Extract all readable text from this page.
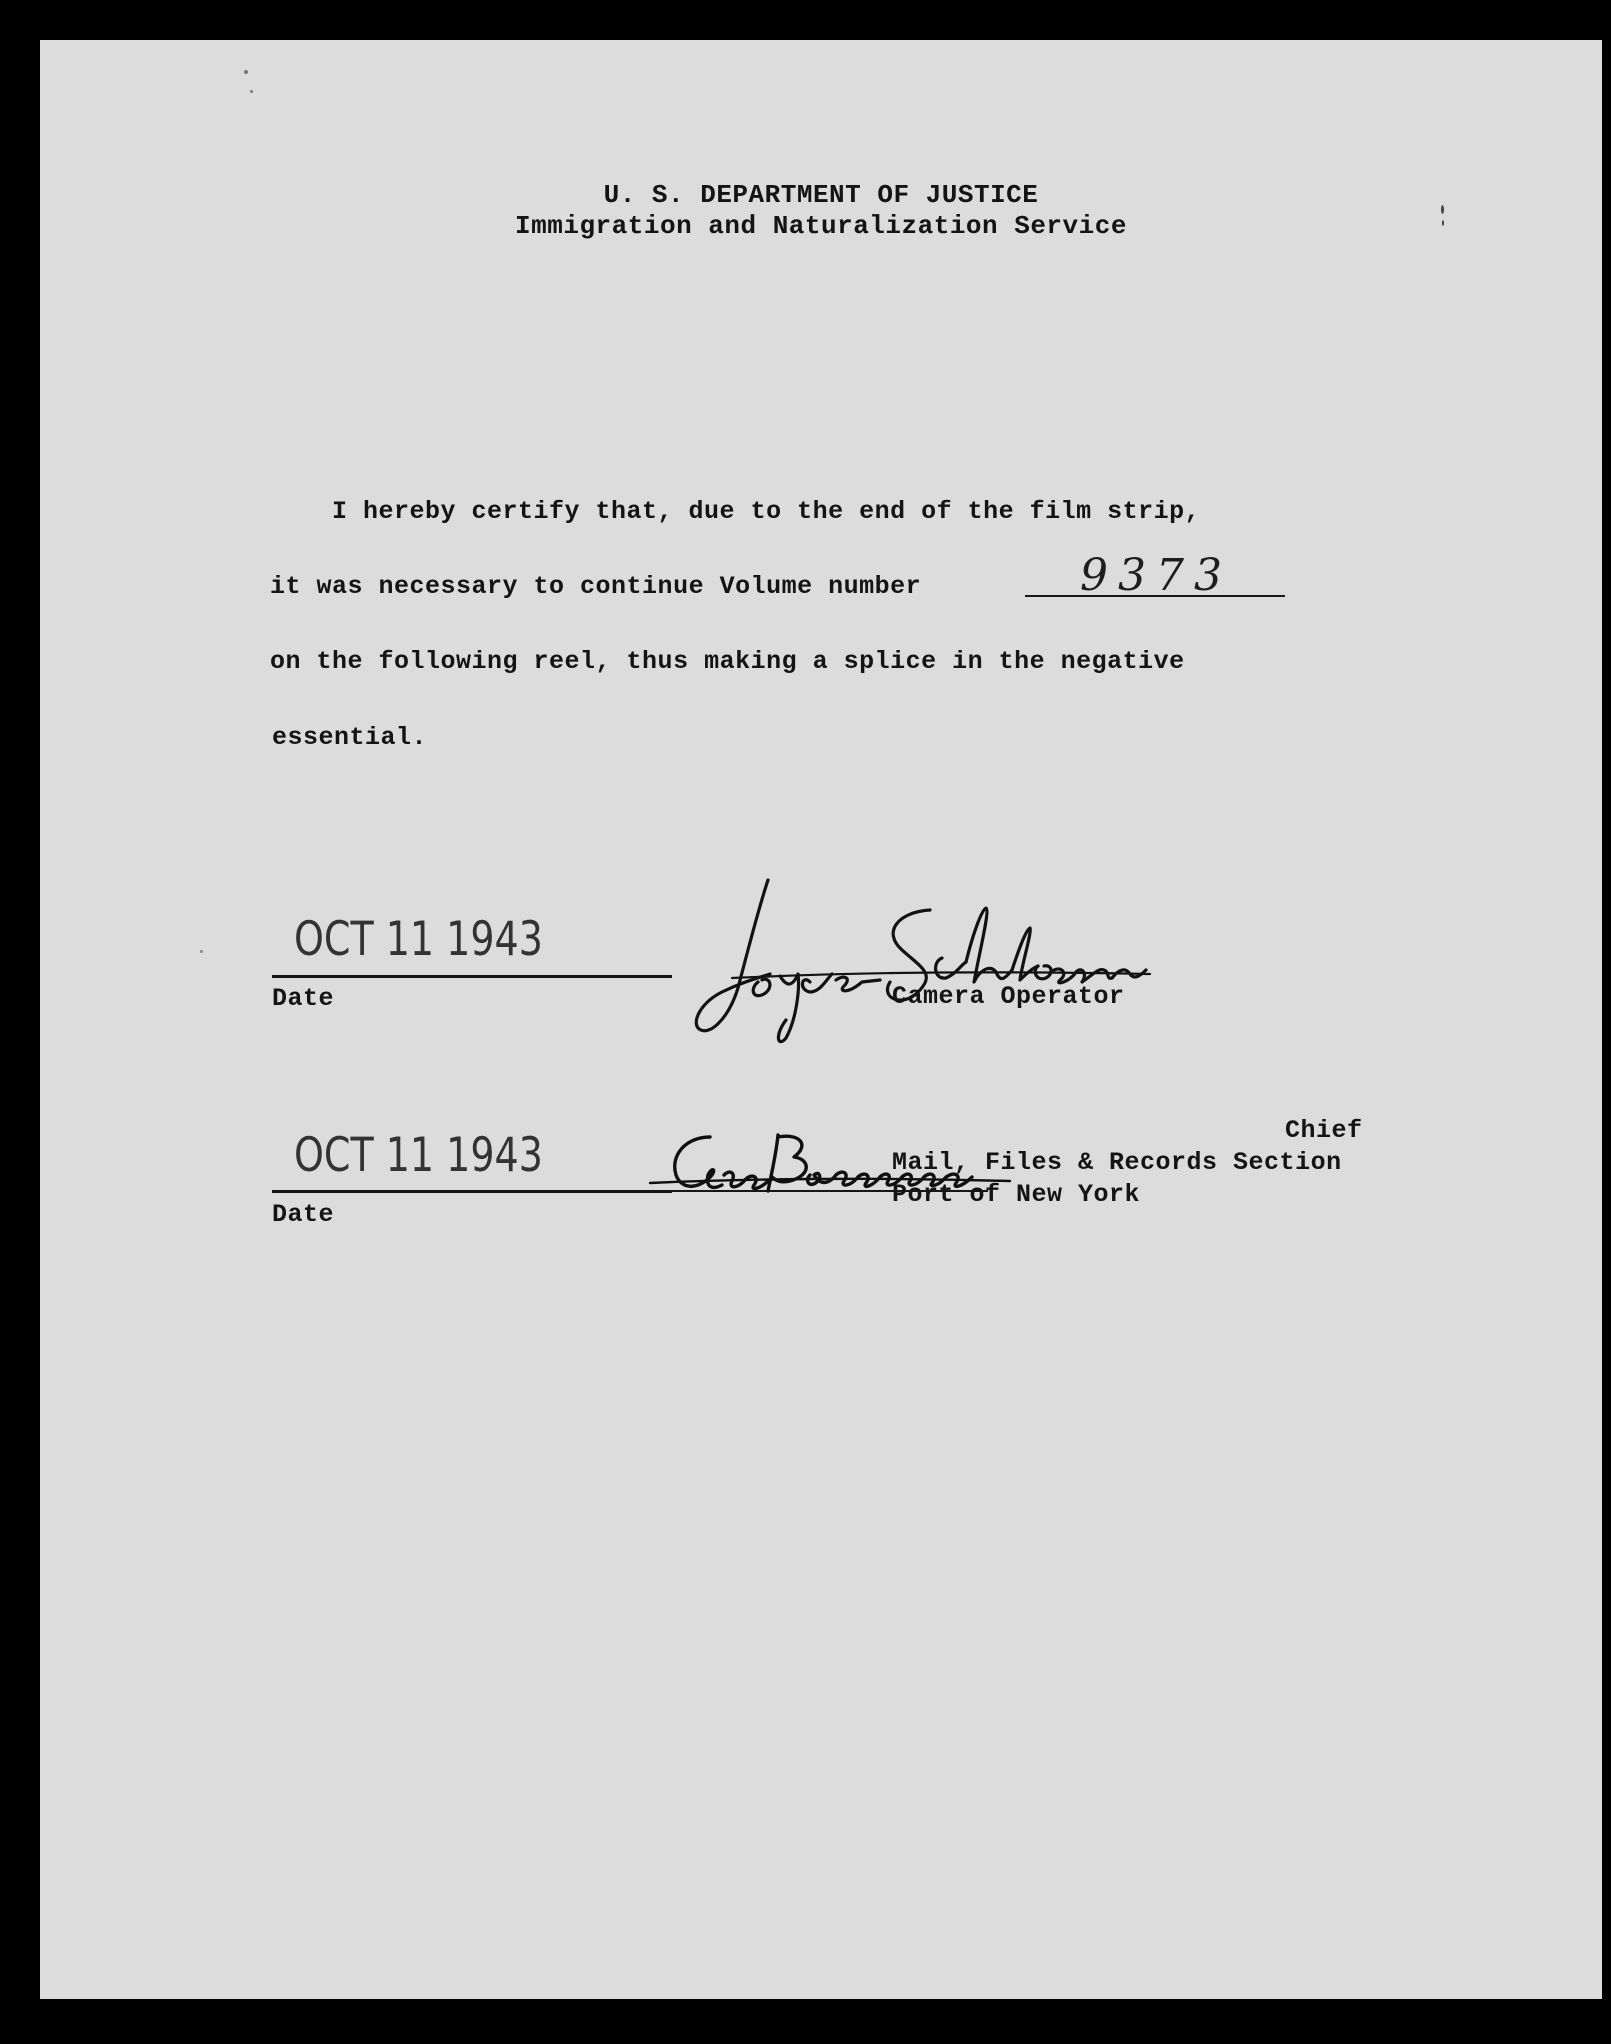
U. S. DEPARTMENT OF JUSTICE
Immigration and Naturalization Service
I hereby certify that, due to the end of the film strip,
it was necessary to continue Volume number	9373
on the following reel, thus making a splice in the negative
essential.
OCT 11 1943
Date	Camera Operator
OCT 11 1943
Date
Chief
Mail, Files & Records Section
Port of New York
